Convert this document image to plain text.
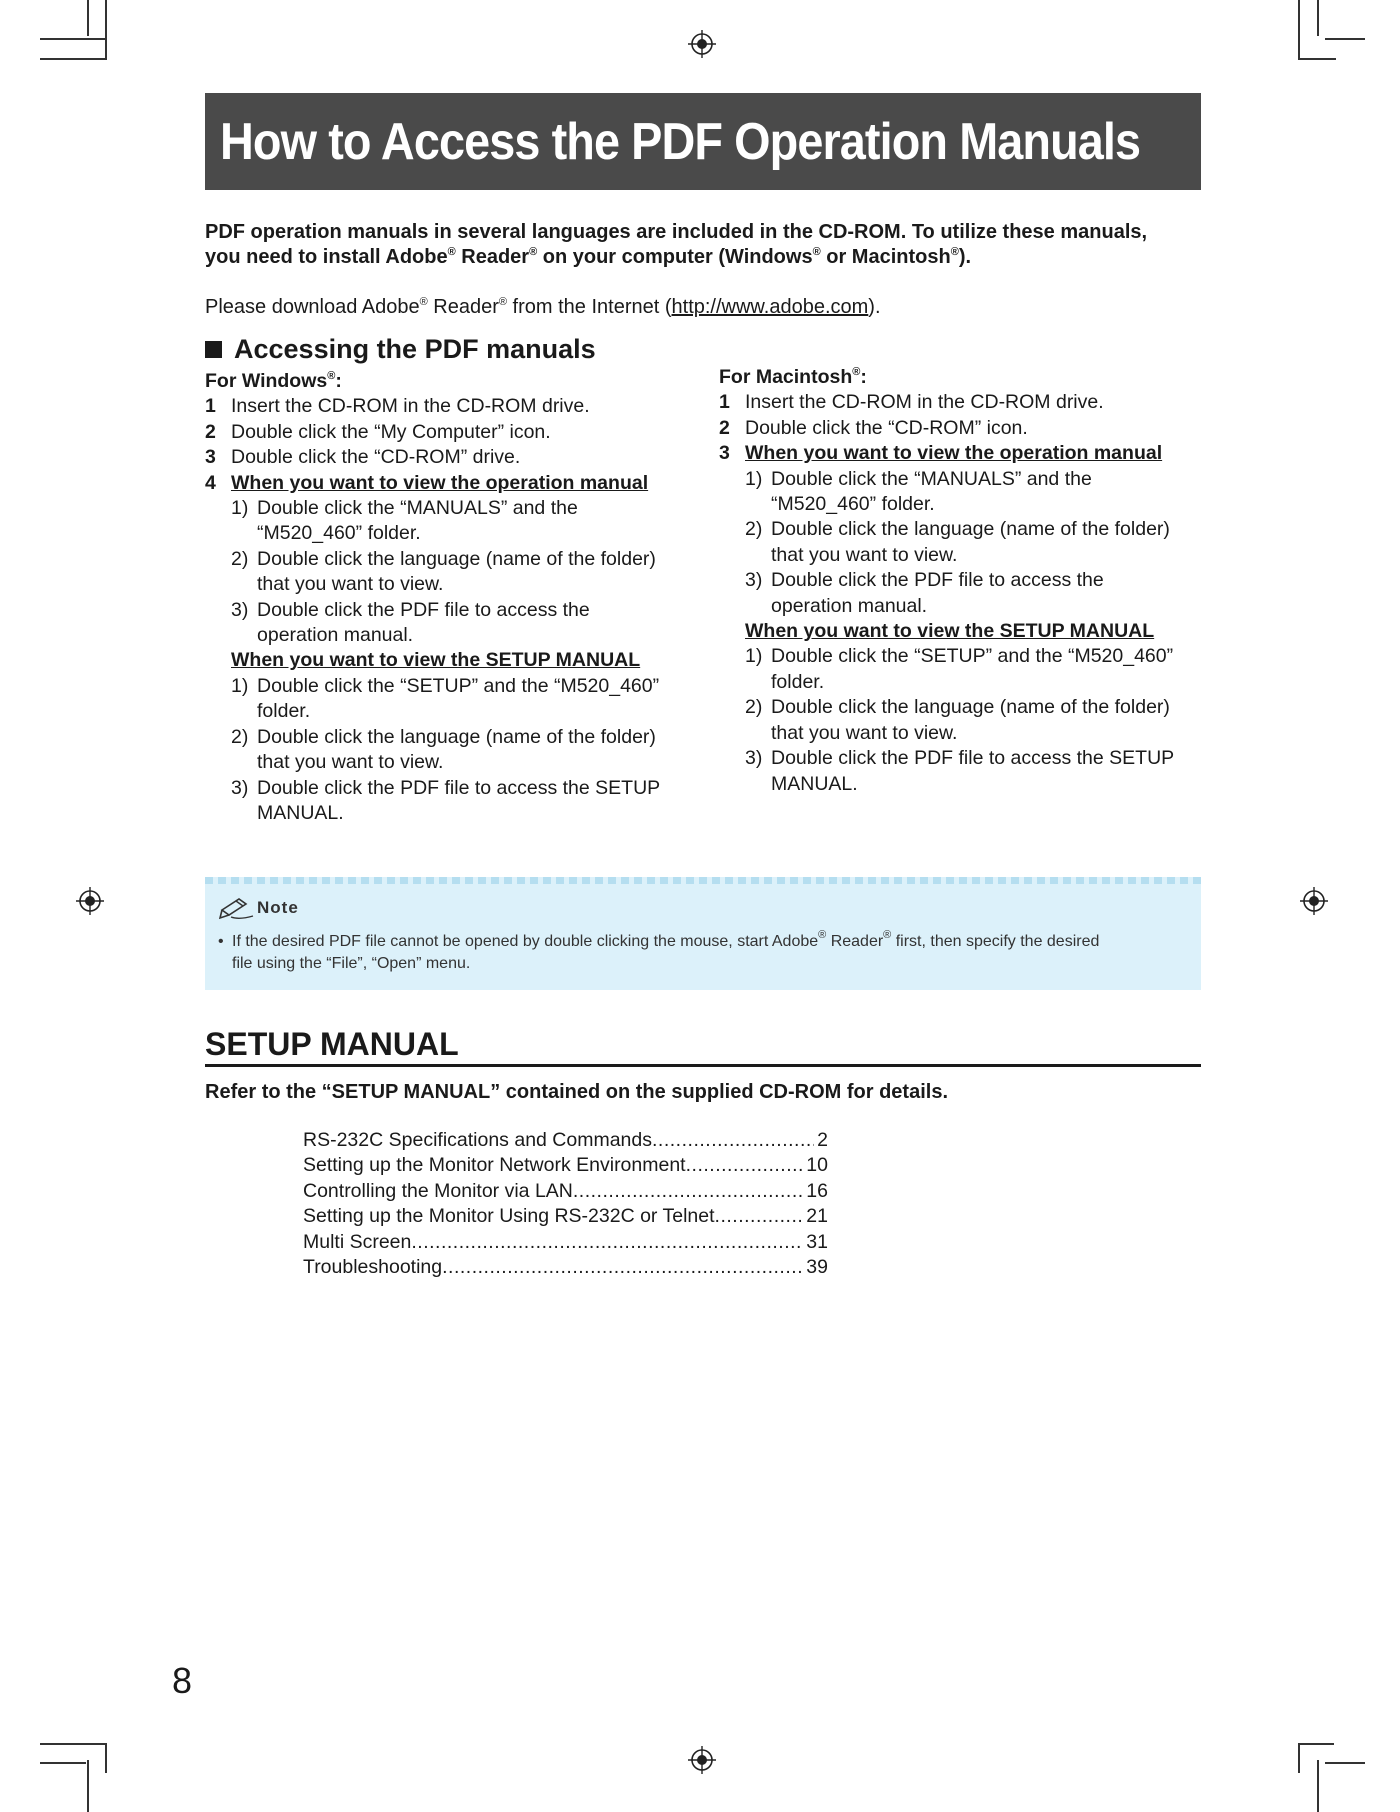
How to Access the PDF Operation Manuals
PDF operation manuals in several languages are included in the CD-ROM. To utilize these manuals,
you need to install Adobe® Reader® on your computer (Windows® or Macintosh®).
Please download Adobe® Reader® from the Internet (http://www.adobe.com).
Accessing the PDF manuals
For Windows®:
1 Insert the CD-ROM in the CD-ROM drive.
2 Double click the “My Computer” icon.
3 Double click the “CD-ROM” drive.
4 When you want to view the operation manual
1) Double click the “MANUALS” and the
“M520_460” folder.
2) Double click the language (name of the folder)
that you want to view.
3) Double click the PDF file to access the
operation manual.
When you want to view the SETUP MANUAL
1) Double click the “SETUP” and the “M520_460”
folder.
2) Double click the language (name of the folder)
that you want to view.
3) Double click the PDF file to access the SETUP
MANUAL.
For Macintosh®:
1 Insert the CD-ROM in the CD-ROM drive.
2 Double click the “CD-ROM” icon.
3 When you want to view the operation manual
1) Double click the “MANUALS” and the
“M520_460” folder.
2) Double click the language (name of the folder)
that you want to view.
3) Double click the PDF file to access the
operation manual.
When you want to view the SETUP MANUAL
1) Double click the “SETUP” and the “M520_460”
folder.
2) Double click the language (name of the folder)
that you want to view.
3) Double click the PDF file to access the SETUP
MANUAL.
Note
• If the desired PDF file cannot be opened by double clicking the mouse, start Adobe® Reader® first, then specify the desired
file using the “File”, “Open” menu.
SETUP MANUAL
Refer to the “SETUP MANUAL” contained on the supplied CD-ROM for details.
RS-232C Specifications and Commands .....	2
Setting up the Monitor Network Environment .....	10
Controlling the Monitor via LAN .....	16
Setting up the Monitor Using RS-232C or Telnet .....	21
Multi Screen .....	31
Troubleshooting .....	39
8
